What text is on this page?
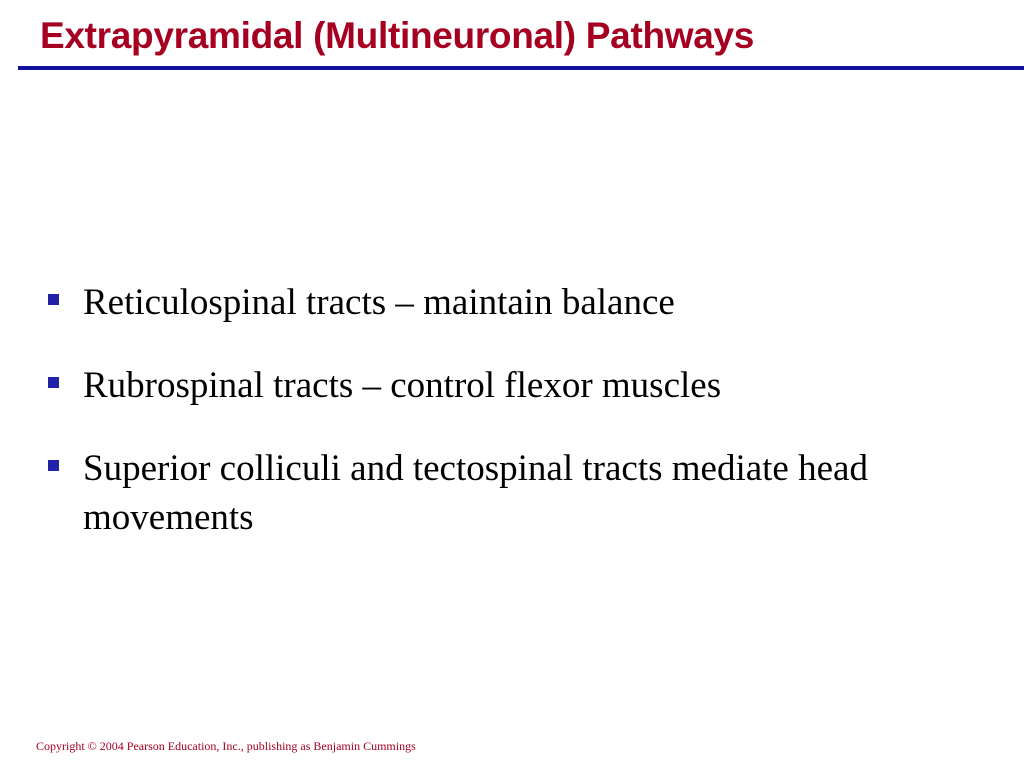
Extrapyramidal (Multineuronal) Pathways
Reticulospinal tracts – maintain balance
Rubrospinal tracts – control flexor muscles
Superior colliculi and tectospinal tracts mediate head movements
Copyright © 2004 Pearson Education, Inc., publishing as Benjamin Cummings
